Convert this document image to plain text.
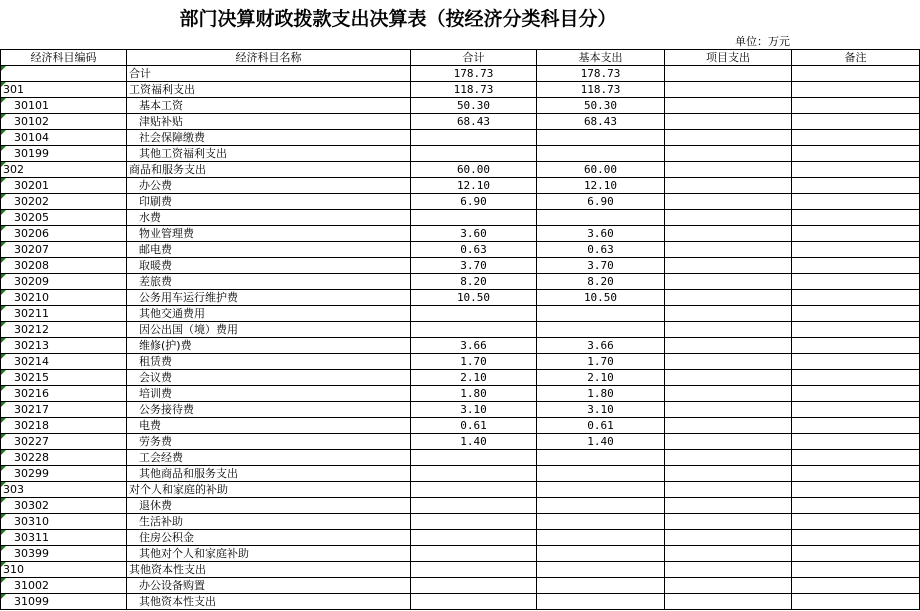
部门决算财政拨款支出决算表（按经济分类科目分）
单位：万元
经济科目编码	经济科目名称	合计	基本支出	项目支出	备注
	合计	178.73	178.73		
301	工资福利支出	118.73	118.73		
30101	基本工资	50.30	50.30		
30102	津贴补贴	68.43	68.43		
30104	社会保障缴费				
30199	其他工资福利支出				
302	商品和服务支出	60.00	60.00		
30201	办公费	12.10	12.10		
30202	印刷费	6.90	6.90		
30205	水费				
30206	物业管理费	3.60	3.60		
30207	邮电费	0.63	0.63		
30208	取暖费	3.70	3.70		
30209	差旅费	8.20	8.20		
30210	公务用车运行维护费	10.50	10.50		
30211	其他交通费用				
30212	因公出国（境）费用				
30213	维修(护)费	3.66	3.66		
30214	租赁费	1.70	1.70		
30215	会议费	2.10	2.10		
30216	培训费	1.80	1.80		
30217	公务接待费	3.10	3.10		
30218	电费	0.61	0.61		
30227	劳务费	1.40	1.40		
30228	工会经费				
30299	其他商品和服务支出				
303	对个人和家庭的补助				
30302	退休费				
30310	生活补助				
30311	住房公积金				
30399	其他对个人和家庭补助				
310	其他资本性支出				
31002	办公设备购置				
31099	其他资本性支出				
